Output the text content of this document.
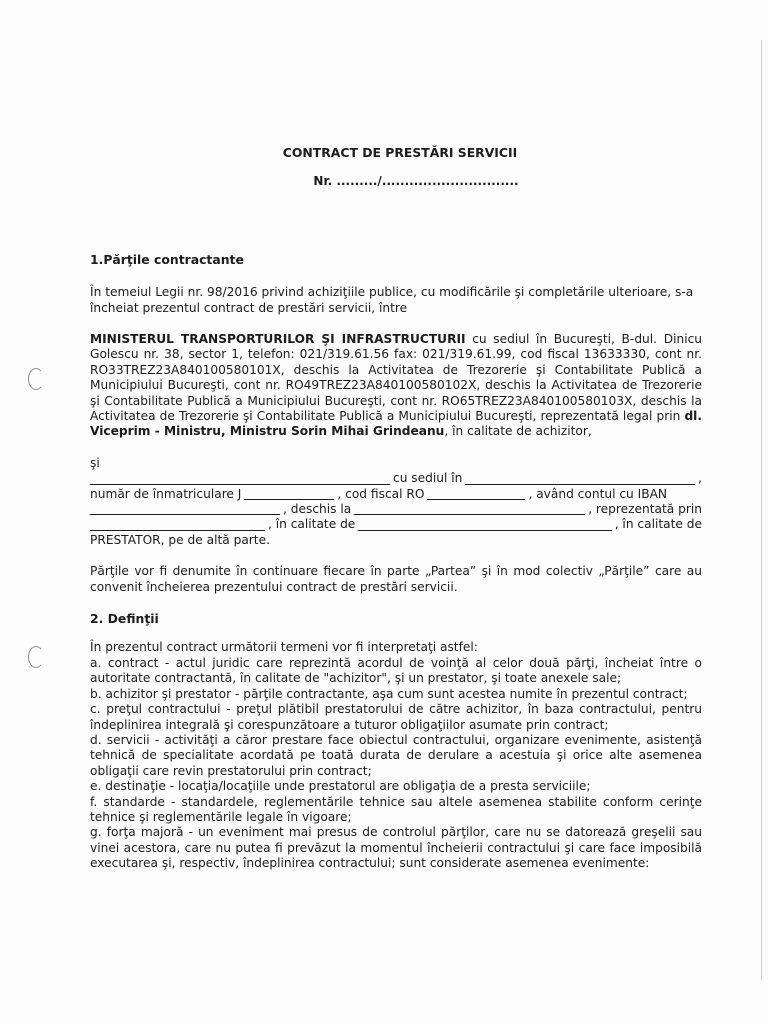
CONTRACT DE PRESTĂRI SERVICII
Nr. ........./..............................
1.Părţile contractante
În temeiul Legii nr. 98/2016 privind achiziţiile publice, cu modificările şi completările ulterioare, s-a încheiat prezentul contract de prestări servicii, între
MINISTERUL TRANSPORTURILOR ŞI INFRASTRUCTURII cu sediul în Bucureşti, B-dul. Dinicu Golescu nr. 38, sector 1, telefon: 021/319.61.56 fax: 021/319.61.99, cod fiscal 13633330, cont nr. RO33TREZ23A840100580101X, deschis la Activitatea de Trezorerie şi Contabilitate Publică a Municipiului Bucureşti, cont nr. RO49TREZ23A840100580102X, deschis la Activitatea de Trezorerie şi Contabilitate Publică a Municipiului Bucureşti, cont nr. RO65TREZ23A840100580103X, deschis la Activitatea de Trezorerie şi Contabilitate Publică a Municipiului Bucureşti, reprezentată legal prin dl. Viceprim - Ministru, Ministru Sorin Mihai Grindeanu, în calitate de achizitor,
şi
cu sediul în	,
număr de înmatriculare J	, cod fiscal RO	, având contul cu IBAN
, deschis la	, reprezentată prin
, în calitate de	, în calitate de
PRESTATOR, pe de altă parte.
Părţile vor fi denumite în continuare fiecare în parte „Partea” şi în mod colectiv „Părţile” care au convenit încheierea prezentului contract de prestări servicii.
2. Definţii
În prezentul contract următorii termeni vor fi interpretaţi astfel:
a. contract - actul juridic care reprezintă acordul de voinţă al celor două părţi, încheiat între o autoritate contractantă, în calitate de "achizitor", şi un prestator, şi toate anexele sale;
b. achizitor şi prestator - părţile contractante, aşa cum sunt acestea numite în prezentul contract;
c. preţul contractului - preţul plătibil prestatorului de către achizitor, în baza contractului, pentru îndeplinirea integrală şi corespunzătoare a tuturor obligaţiilor asumate prin contract;
d. servicii - activităţi a căror prestare face obiectul contractului, organizare evenimente, asistenţă tehnică de specialitate acordată pe toată durata de derulare a acestuia şi orice alte asemenea obligaţii care revin prestatorului prin contract;
e. destinaţie - locaţia/locaţiile unde prestatorul are obligaţia de a presta serviciile;
f. standarde - standardele, reglementările tehnice sau altele asemenea stabilite conform cerinţe tehnice şi reglementările legale în vigoare;
g. forţa majoră - un eveniment mai presus de controlul părţilor, care nu se datorează greşelii sau vinei acestora, care nu putea fi prevăzut la momentul încheierii contractului şi care face imposibilă executarea şi, respectiv, îndeplinirea contractului; sunt considerate asemenea evenimente:
